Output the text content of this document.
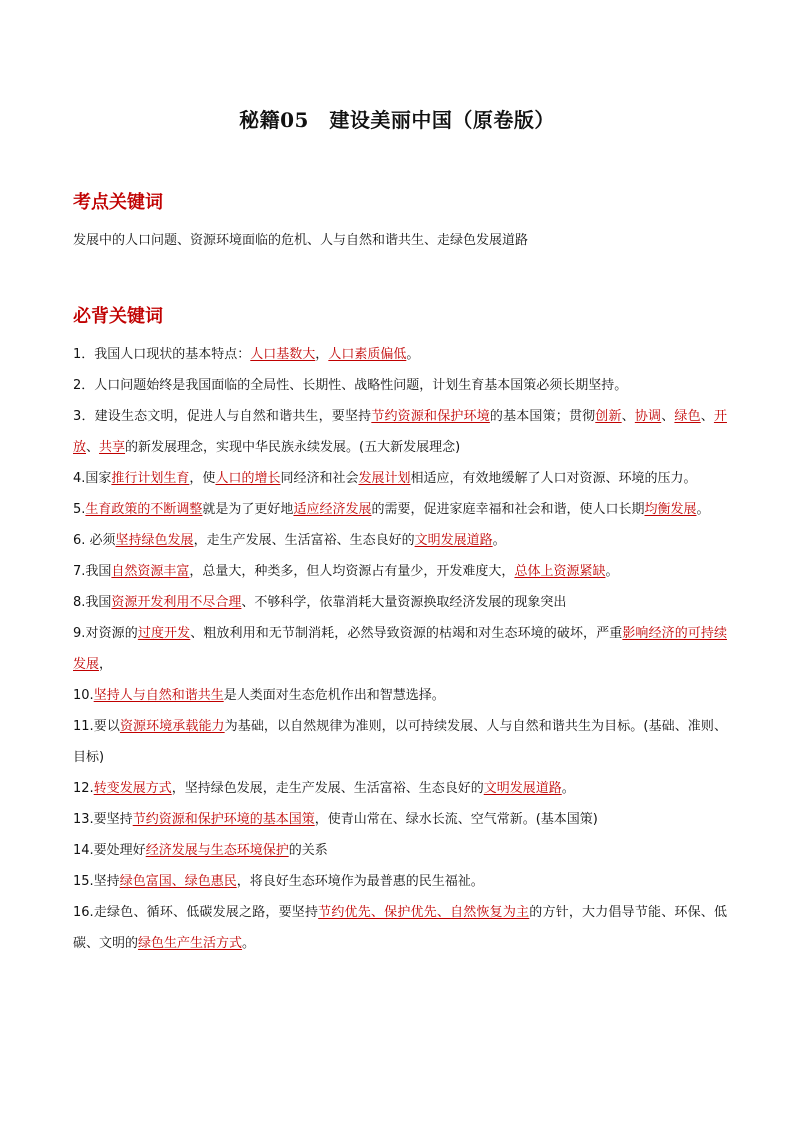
秘籍05　建设美丽中国（原卷版）
考点关键词
发展中的人口问题、资源环境面临的危机、人与自然和谐共生、走绿色发展道路
必背关键词

1．我国人口现状的基本特点：人口基数大，人口素质偏低。

2．人口问题始终是我国面临的全局性、长期性、战略性问题，计划生育基本国策必须长期坚持。

3．建设生态文明，促进人与自然和谐共生，要坚持节约资源和保护环境的基本国策；贯彻创新、协调、绿色、开放、共享的新发展理念，实现中华民族永续发展。(五大新发展理念)

4.国家推行计划生育，使人口的增长同经济和社会发展计划相适应，有效地缓解了人口对资源、环境的压力。

5.生育政策的不断调整就是为了更好地适应经济发展的需要，促进家庭幸福和社会和谐，使人口长期均衡发展。

6. 必须坚持绿色发展，走生产发展、生活富裕、生态良好的文明发展道路。

7.我国自然资源丰富，总量大，种类多，但人均资源占有量少，开发难度大，总体上资源紧缺。

8.我国资源开发利用不尽合理、不够科学，依靠消耗大量资源换取经济发展的现象突出

9.对资源的过度开发、粗放利用和无节制消耗，必然导致资源的枯竭和对生态环境的破坏，严重影响经济的可持续发展，

10.坚持人与自然和谐共生是人类面对生态危机作出和智慧选择。

11.要以资源环境承载能力为基础，以自然规律为准则，以可持续发展、人与自然和谐共生为目标。(基础、准则、目标)

12.转变发展方式，坚持绿色发展，走生产发展、生活富裕、生态良好的文明发展道路。

13.要坚持节约资源和保护环境的基本国策，使青山常在、绿水长流、空气常新。(基本国策)

14.要处理好经济发展与生态环境保护的关系

15.坚持绿色富国、绿色惠民，将良好生态环境作为最普惠的民生福祉。

16.走绿色、循环、低碳发展之路，要坚持节约优先、保护优先、自然恢复为主的方针，大力倡导节能、环保、低碳、文明的绿色生产生活方式。
